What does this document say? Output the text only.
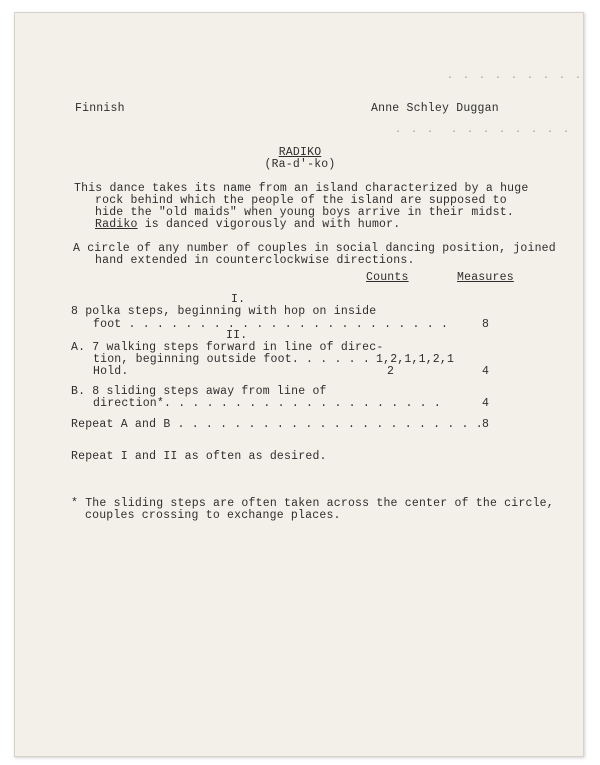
· · · · · · · · ·
· · ·  · · · · · · · ·
Finnish	Anne Schley Duggan
RADIKO
(Ra-d'-ko)
This dance takes its name from an island characterized by a huge
rock behind which the people of the island are supposed to
hide the "old maids" when young boys arrive in their midst.
Radiko is danced vigorously and with humor.
A circle of any number of couples in social dancing position, joined
hand extended in counterclockwise directions.
Counts	Measures
I.
8 polka steps, beginning with hop on inside
foot . . . . . . . . . . . . . . . . . . . . . . .	8
II.
A. 7 walking steps forward in line of direc-
tion, beginning outside foot. . . . . . 1,2,1,1,2,1
Hold.	2	4
B. 8 sliding steps away from line of
direction*. . . . . . . . . . . . . . . . . . . .	4
Repeat A and B . . . . . . . . . . . . . . . . . . . . . . 8
Repeat I and II as often as desired.
* The sliding steps are often taken across the center of the circle,
couples crossing to exchange places.
